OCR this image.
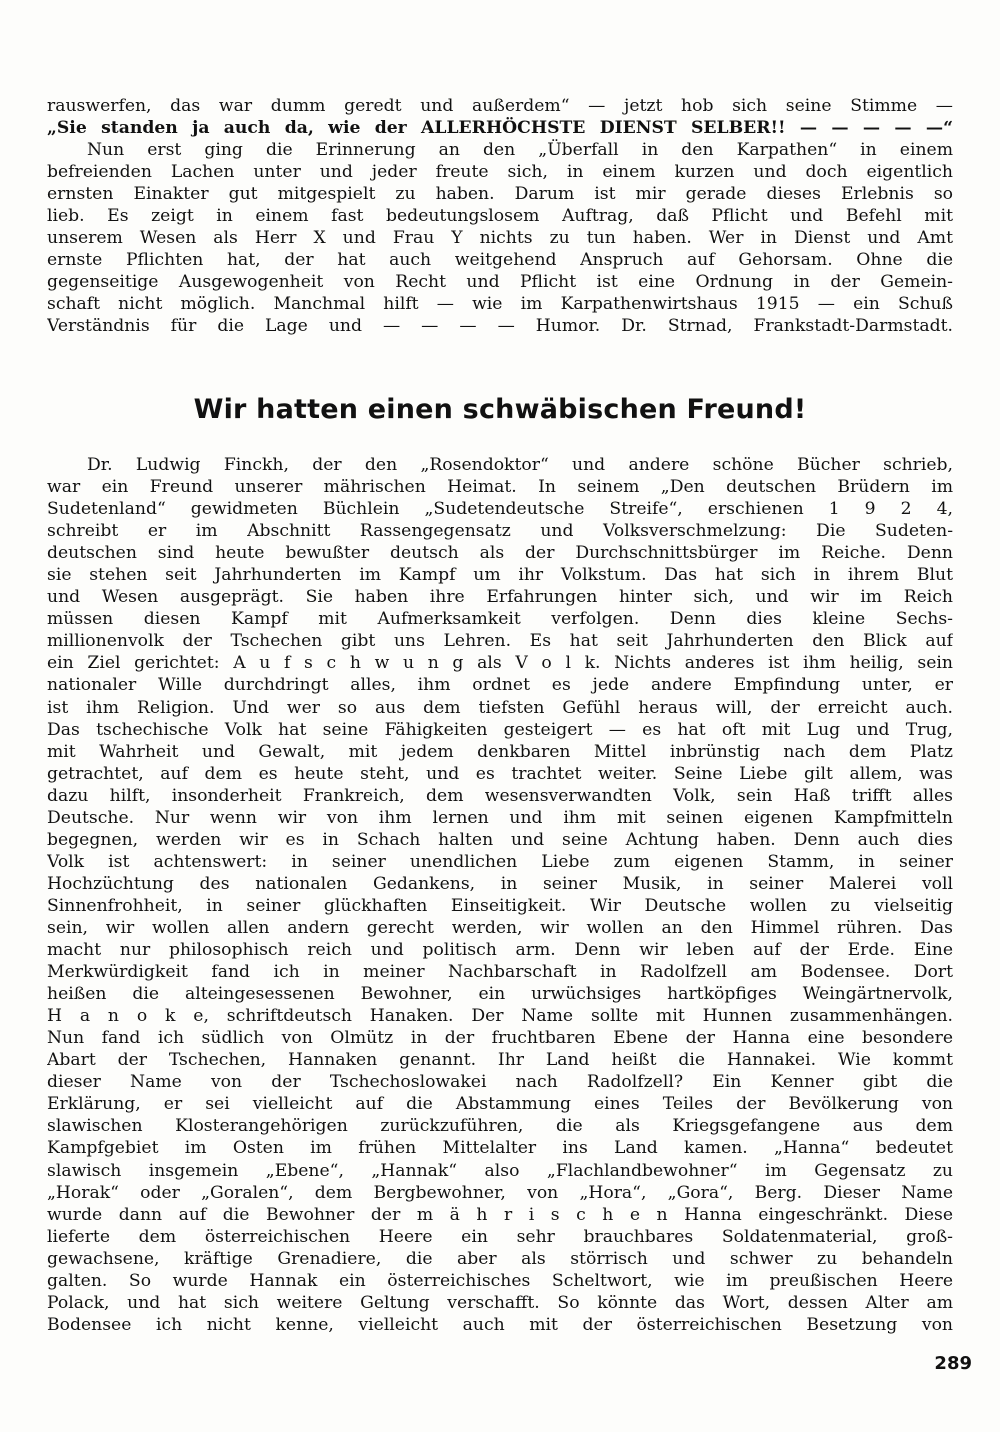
rauswerfen, das war dumm geredt und außerdem“ — jetzt hob sich seine Stimme —
„Sie standen ja auch da, wie der ALLERHÖCHSTE DIENST SELBER!! — — — — —“
Nun erst ging die Erinnerung an den „Überfall in den Karpathen“ in einem
befreienden Lachen unter und jeder freute sich, in einem kurzen und doch eigentlich
ernsten Einakter gut mitgespielt zu haben. Darum ist mir gerade dieses Erlebnis so
lieb. Es zeigt in einem fast bedeutungslosem Auftrag, daß Pflicht und Befehl mit
unserem Wesen als Herr X und Frau Y nichts zu tun haben. Wer in Dienst und Amt
ernste Pflichten hat, der hat auch weitgehend Anspruch auf Gehorsam. Ohne die
gegenseitige Ausgewogenheit von Recht und Pflicht ist eine Ordnung in der Gemein-
schaft nicht möglich. Manchmal hilft — wie im Karpathenwirtshaus 1915 — ein Schuß
Verständnis für die Lage und — — — — Humor. Dr. Strnad, Frankstadt-Darmstadt.
Wir hatten einen schwäbischen Freund!
Dr. Ludwig Finckh, der den „Rosendoktor“ und andere schöne Bücher schrieb,
war ein Freund unserer mährischen Heimat. In seinem „Den deutschen Brüdern im
Sudetenland“ gewidmeten Büchlein „Sudetendeutsche Streife“, erschienen 1 9 2 4,
schreibt er im Abschnitt Rassengegensatz und Volksverschmelzung: Die Sudeten-
deutschen sind heute bewußter deutsch als der Durchschnittsbürger im Reiche. Denn
sie stehen seit Jahrhunderten im Kampf um ihr Volkstum. Das hat sich in ihrem Blut
und Wesen ausgeprägt. Sie haben ihre Erfahrungen hinter sich, und wir im Reich
müssen diesen Kampf mit Aufmerksamkeit verfolgen. Denn dies kleine Sechs-
millionenvolk der Tschechen gibt uns Lehren. Es hat seit Jahrhunderten den Blick auf
ein Ziel gerichtet: A u f s c h w u n g als V o l k. Nichts anderes ist ihm heilig, sein
nationaler Wille durchdringt alles, ihm ordnet es jede andere Empfindung unter, er
ist ihm Religion. Und wer so aus dem tiefsten Gefühl heraus will, der erreicht auch.
Das tschechische Volk hat seine Fähigkeiten gesteigert — es hat oft mit Lug und Trug,
mit Wahrheit und Gewalt, mit jedem denkbaren Mittel inbrünstig nach dem Platz
getrachtet, auf dem es heute steht, und es trachtet weiter. Seine Liebe gilt allem, was
dazu hilft, insonderheit Frankreich, dem wesensverwandten Volk, sein Haß trifft alles
Deutsche. Nur wenn wir von ihm lernen und ihm mit seinen eigenen Kampfmitteln
begegnen, werden wir es in Schach halten und seine Achtung haben. Denn auch dies
Volk ist achtenswert: in seiner unendlichen Liebe zum eigenen Stamm, in seiner
Hochzüchtung des nationalen Gedankens, in seiner Musik, in seiner Malerei voll
Sinnenfrohheit, in seiner glückhaften Einseitigkeit. Wir Deutsche wollen zu vielseitig
sein, wir wollen allen andern gerecht werden, wir wollen an den Himmel rühren. Das
macht nur philosophisch reich und politisch arm. Denn wir leben auf der Erde. Eine
Merkwürdigkeit fand ich in meiner Nachbarschaft in Radolfzell am Bodensee. Dort
heißen die alteingesessenen Bewohner, ein urwüchsiges hartköpfiges Weingärtnervolk,
H a n o k e, schriftdeutsch Hanaken. Der Name sollte mit Hunnen zusammenhängen.
Nun fand ich südlich von Olmütz in der fruchtbaren Ebene der Hanna eine besondere
Abart der Tschechen, Hannaken genannt. Ihr Land heißt die Hannakei. Wie kommt
dieser Name von der Tschechoslowakei nach Radolfzell? Ein Kenner gibt die
Erklärung, er sei vielleicht auf die Abstammung eines Teiles der Bevölkerung von
slawischen Klosterangehörigen zurückzuführen, die als Kriegsgefangene aus dem
Kampfgebiet im Osten im frühen Mittelalter ins Land kamen. „Hanna“ bedeutet
slawisch insgemein „Ebene“, „Hannak“ also „Flachlandbewohner“ im Gegensatz zu
„Horak“ oder „Goralen“, dem Bergbewohner, von „Hora“, „Gora“, Berg. Dieser Name
wurde dann auf die Bewohner der m ä h r i s c h e n Hanna eingeschränkt. Diese
lieferte dem österreichischen Heere ein sehr brauchbares Soldatenmaterial, groß-
gewachsene, kräftige Grenadiere, die aber als störrisch und schwer zu behandeln
galten. So wurde Hannak ein österreichisches Scheltwort, wie im preußischen Heere
Polack, und hat sich weitere Geltung verschafft. So könnte das Wort, dessen Alter am
Bodensee ich nicht kenne, vielleicht auch mit der österreichischen Besetzung von
289
